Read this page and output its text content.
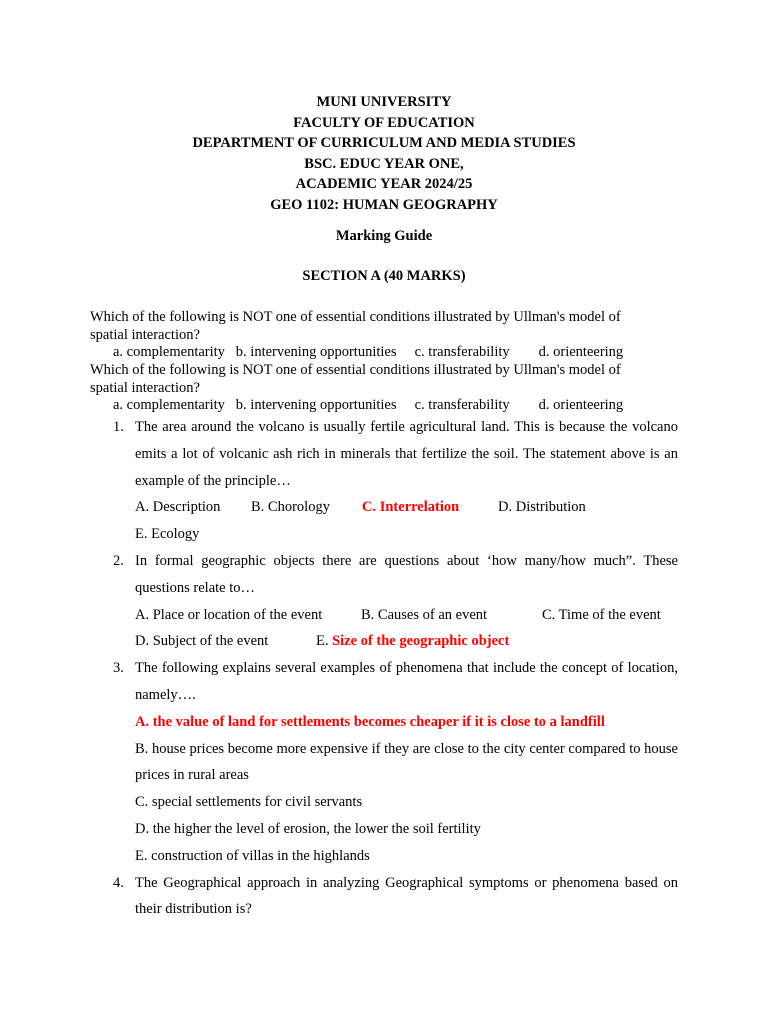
MUNI UNIVERSITY
FACULTY OF EDUCATION
DEPARTMENT OF CURRICULUM AND MEDIA STUDIES
BSC. EDUC YEAR ONE,
ACADEMIC YEAR 2024/25
GEO 1102: HUMAN GEOGRAPHY
Marking Guide
SECTION A (40 MARKS)
Which of the following is NOT one of essential conditions illustrated by Ullman's model of spatial interaction?
a. complementarity   b. intervening opportunities     c. transferability        d. orienteering
Which of the following is NOT one of essential conditions illustrated by Ullman's model of spatial interaction?
a. complementarity   b. intervening opportunities     c. transferability        d. orienteering
1. The area around the volcano is usually fertile agricultural land. This is because the volcano emits a lot of volcanic ash rich in minerals that fertilize the soil. The statement above is an example of the principle…
A. Description B. Chorology C. Interrelation	D. Distribution
E. Ecology
2. In formal geographic objects there are questions about ‘how many/how much”. These questions relate to…
A. Place or location of the event	B. Causes of an event	C. Time of the event
D. Subject of the event	E. Size of the geographic object
3. The following explains several examples of phenomena that include the concept of location, namely….
A. the value of land for settlements becomes cheaper if it is close to a landfill
B. house prices become more expensive if they are close to the city center compared to house prices in rural areas
C. special settlements for civil servants
D. the higher the level of erosion, the lower the soil fertility
E. construction of villas in the highlands
4. The Geographical approach in analyzing Geographical symptoms or phenomena based on their distribution is?
